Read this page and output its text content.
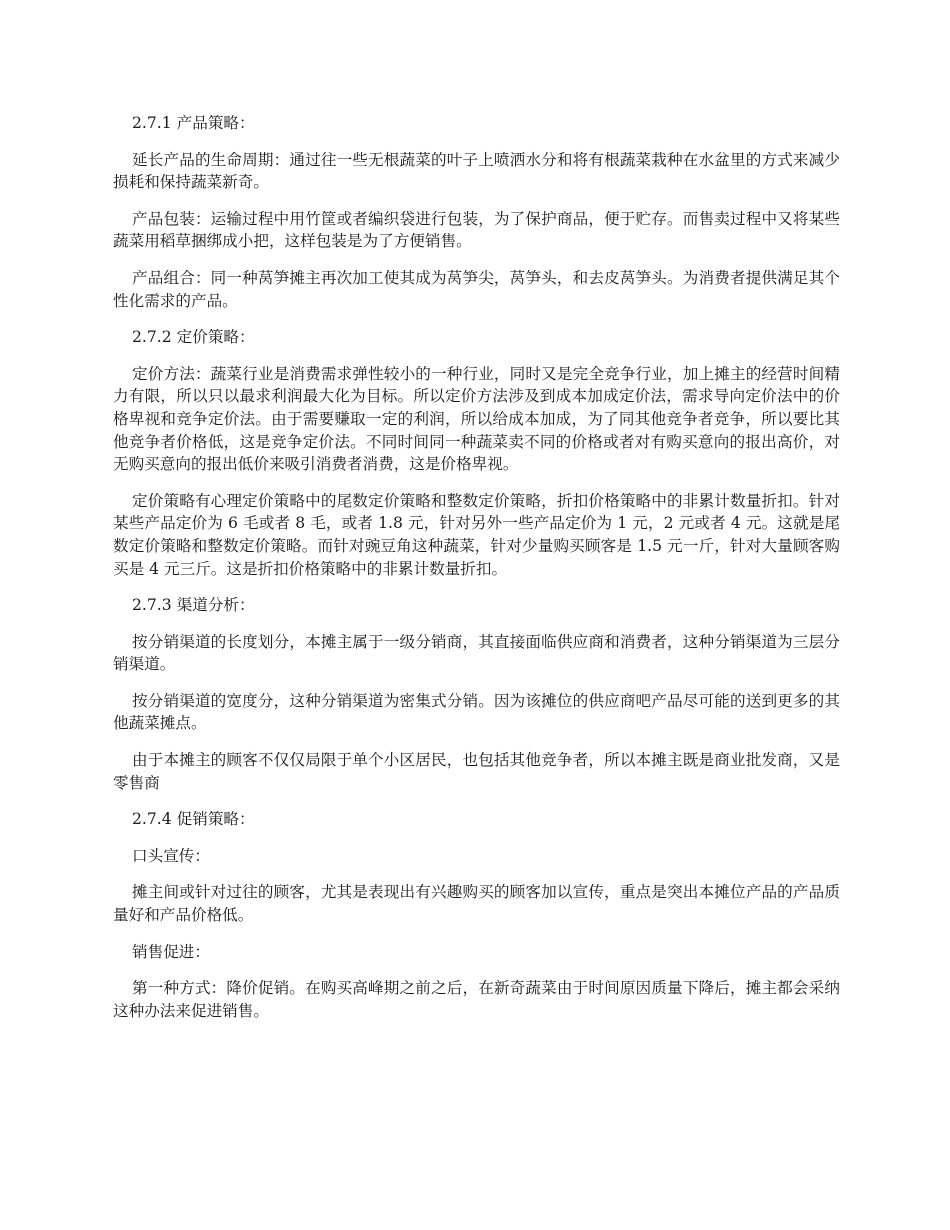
2.7.1 产品策略：

延长产品的生命周期：通过往一些无根蔬菜的叶子上喷洒水分和将有根蔬菜栽种在水盆里的方式来减少损耗和保持蔬菜新奇。

产品包装：运输过程中用竹筐或者编织袋进行包装，为了保护商品，便于贮存。而售卖过程中又将某些蔬菜用稻草捆绑成小把，这样包装是为了方便销售。

产品组合：同一种莴笋摊主再次加工使其成为莴笋尖，莴笋头，和去皮莴笋头。为消费者提供满足其个性化需求的产品。

2.7.2 定价策略：

定价方法：蔬菜行业是消费需求弹性较小的一种行业，同时又是完全竞争行业，加上摊主的经营时间精力有限，所以只以最求利润最大化为目标。所以定价方法涉及到成本加成定价法，需求导向定价法中的价格卑视和竞争定价法。由于需要赚取一定的利润，所以给成本加成，为了同其他竞争者竞争，所以要比其他竞争者价格低，这是竞争定价法。不同时间同一种蔬菜卖不同的价格或者对有购买意向的报出高价，对无购买意向的报出低价来吸引消费者消费，这是价格卑视。

定价策略有心理定价策略中的尾数定价策略和整数定价策略，折扣价格策略中的非累计数量折扣。针对某些产品定价为 6 毛或者 8 毛，或者 1.8 元，针对另外一些产品定价为 1 元，2 元或者 4 元。这就是尾数定价策略和整数定价策略。而针对豌豆角这种蔬菜，针对少量购买顾客是 1.5 元一斤，针对大量顾客购买是 4 元三斤。这是折扣价格策略中的非累计数量折扣。

2.7.3 渠道分析：

按分销渠道的长度划分，本摊主属于一级分销商，其直接面临供应商和消费者，这种分销渠道为三层分销渠道。

按分销渠道的宽度分，这种分销渠道为密集式分销。因为该摊位的供应商吧产品尽可能的送到更多的其他蔬菜摊点。

由于本摊主的顾客不仅仅局限于单个小区居民，也包括其他竞争者，所以本摊主既是商业批发商，又是零售商

2.7.4 促销策略：

口头宣传：

摊主间或针对过往的顾客，尤其是表现出有兴趣购买的顾客加以宣传，重点是突出本摊位产品的产品质量好和产品价格低。

销售促进：

第一种方式：降价促销。在购买高峰期之前之后，在新奇蔬菜由于时间原因质量下降后，摊主都会采纳这种办法来促进销售。
